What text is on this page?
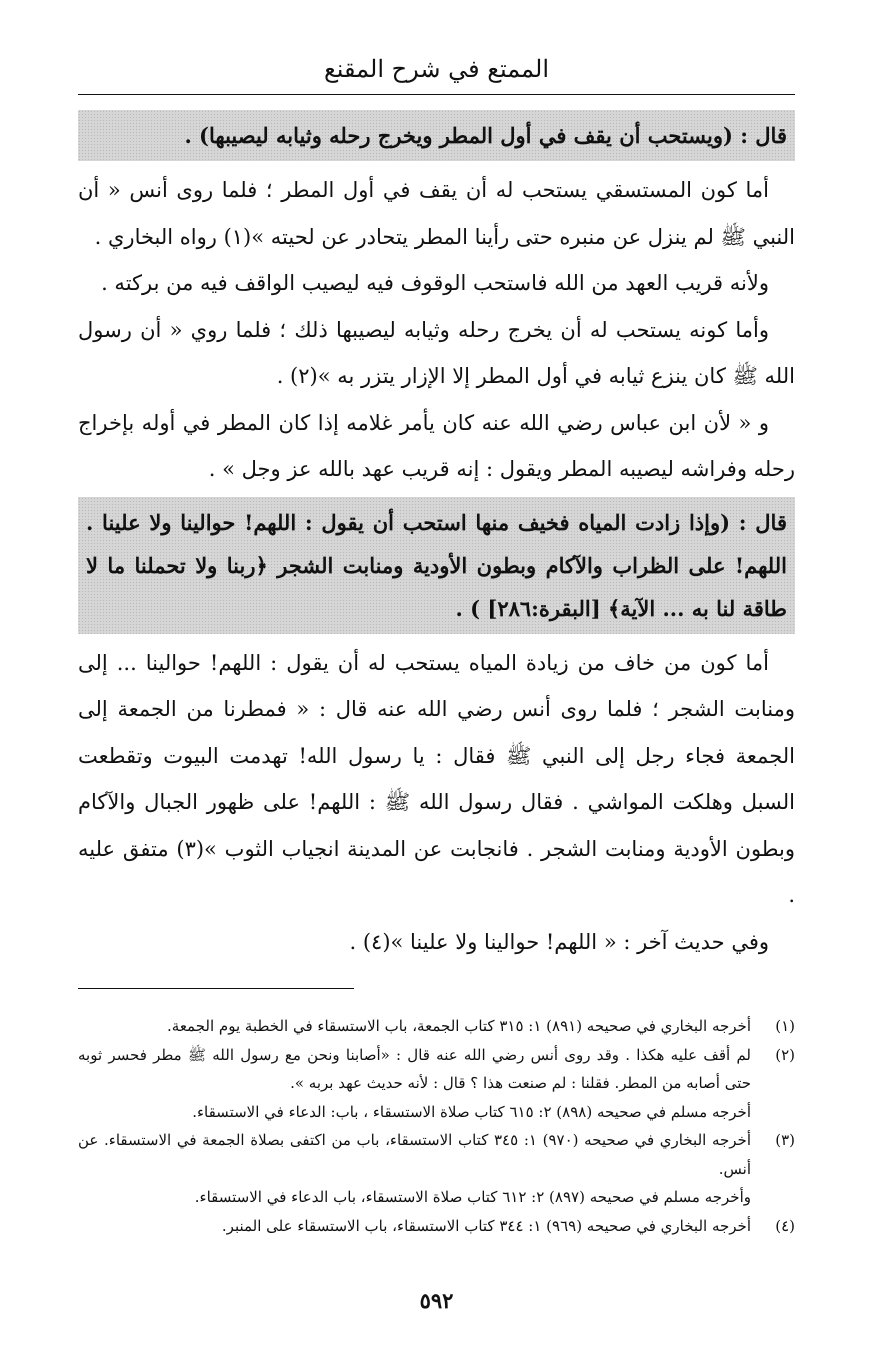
الممتع في شرح المقنع
قال : (ويستحب أن يقف في أول المطر ويخرج رحله وثيابه ليصيبها) .

أما كون المستسقي يستحب له أن يقف في أول المطر ؛ فلما روى أنس « أن النبي ﷺ لم ينزل عن منبره حتى رأينا المطر يتحادر عن لحيته »(١) رواه البخاري .

ولأنه قريب العهد من الله فاستحب الوقوف فيه ليصيب الواقف فيه من بركته .

وأما كونه يستحب له أن يخرج رحله وثيابه ليصيبها ذلك ؛ فلما روي « أن رسول الله ﷺ كان ينزع ثيابه في أول المطر إلا الإزار يتزر به »(٢) .

و « لأن ابن عباس رضي الله عنه كان يأمر غلامه إذا كان المطر في أوله بإخراج رحله وفراشه ليصيبه المطر ويقول : إنه قريب عهد بالله عز وجل » .

قال : (وإذا زادت المياه فخيف منها استحب أن يقول : اللهم! حوالينا ولا علينا . اللهم! على الظراب والآكام وبطون الأودية ومنابت الشجر ﴿ربنا ولا تحملنا ما لا طاقة لنا به ... الآية﴾ [البقرة:٢٨٦] ) .

أما كون من خاف من زيادة المياه يستحب له أن يقول : اللهم! حوالينا ... إلى ومنابت الشجر ؛ فلما روى أنس رضي الله عنه قال : « فمطرنا من الجمعة إلى الجمعة فجاء رجل إلى النبي ﷺ فقال : يا رسول الله! تهدمت البيوت وتقطعت السبل وهلكت المواشي . فقال رسول الله ﷺ : اللهم! على ظهور الجبال والآكام وبطون الأودية ومنابت الشجر . فانجابت عن المدينة انجياب الثوب »(٣) متفق عليه .

وفي حديث آخر : « اللهم! حوالينا ولا علينا »(٤) .

(١)
أخرجه البخاري في صحيحه (٨٩١) ١: ٣١٥ كتاب الجمعة، باب الاستسقاء في الخطبة يوم الجمعة.
(٢)
لم أقف عليه هكذا . وقد روى أنس رضي الله عنه قال : «أصابنا ونحن مع رسول الله ﷺ مطر فحسر ثوبه حتى أصابه من المطر. فقلنا : لم صنعت هذا ؟ قال : لأنه حديث عهد بربه ».
أخرجه مسلم في صحيحه (٨٩٨) ٢: ٦١٥ كتاب صلاة الاستسقاء ، باب: الدعاء في الاستسقاء.
(٣)
أخرجه البخاري في صحيحه (٩٧٠) ١: ٣٤٥ كتاب الاستسقاء، باب من اكتفى بصلاة الجمعة في الاستسقاء. عن أنس.
وأخرجه مسلم في صحيحه (٨٩٧) ٢: ٦١٢ كتاب صلاة الاستسقاء، باب الدعاء في الاستسقاء.
(٤)
أخرجه البخاري في صحيحه (٩٦٩) ١: ٣٤٤ كتاب الاستسقاء، باب الاستسقاء على المنبر.
٥٩٢
